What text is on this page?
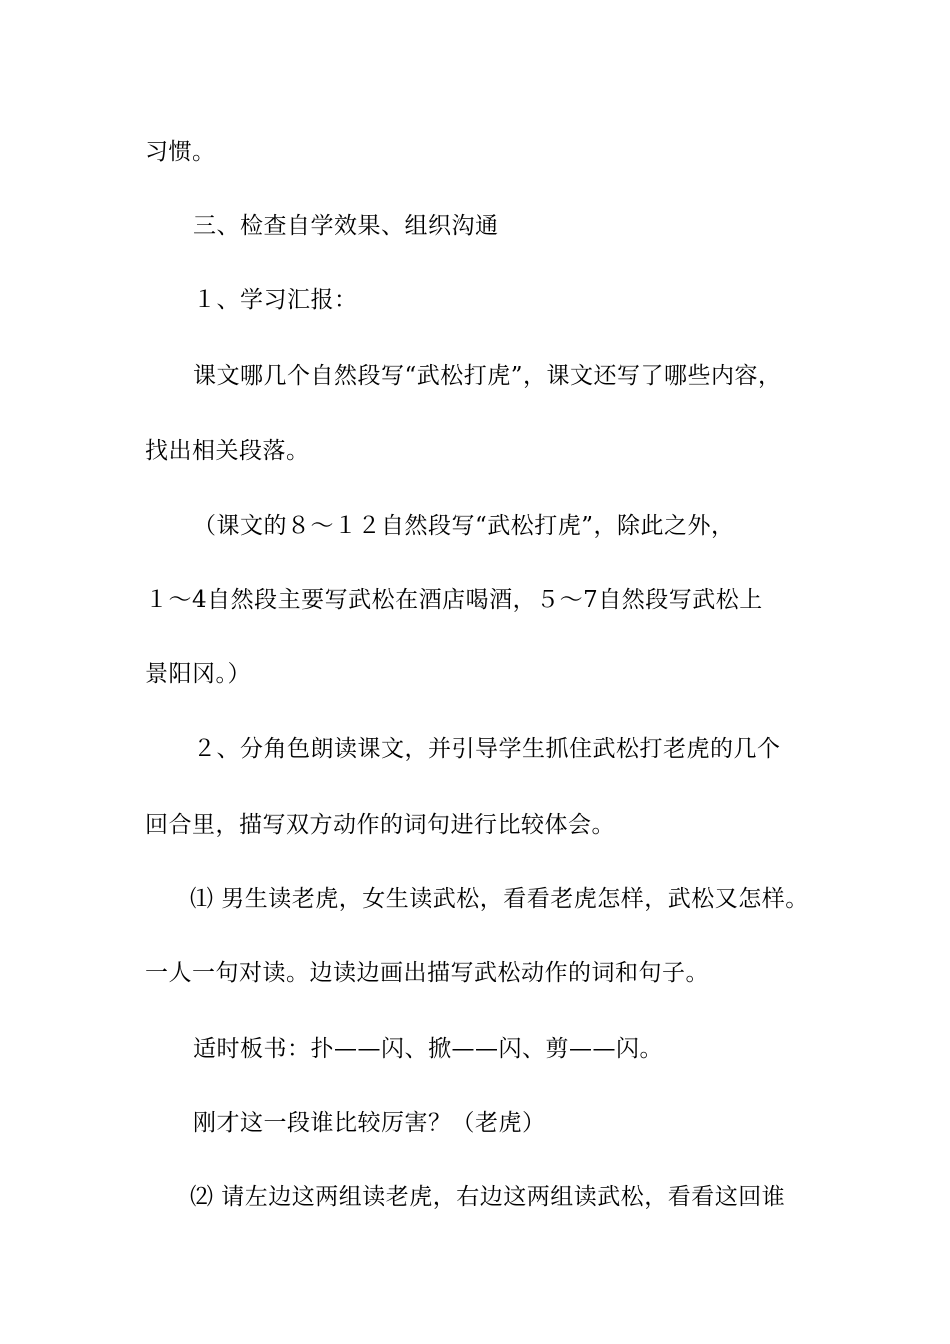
习惯。
三、检查自学效果、组织沟通
１、学习汇报：
课文哪几个自然段写“武松打虎”，课文还写了哪些内容，
找出相关段落。
（课文的８～１２自然段写“武松打虎”，除此之外，
１～4自然段主要写武松在酒店喝酒，５～7自然段写武松上
景阳冈。）
２、分角色朗读课文，并引导学生抓住武松打老虎的几个
回合里，描写双方动作的词句进行比较体会。
⑴ 男生读老虎，女生读武松，看看老虎怎样，武松又怎样。
一人一句对读。边读边画出描写武松动作的词和句子。
适时板书：扑——闪、掀——闪、剪——闪。
刚才这一段谁比较厉害？（老虎）
⑵ 请左边这两组读老虎，右边这两组读武松，看看这回谁
